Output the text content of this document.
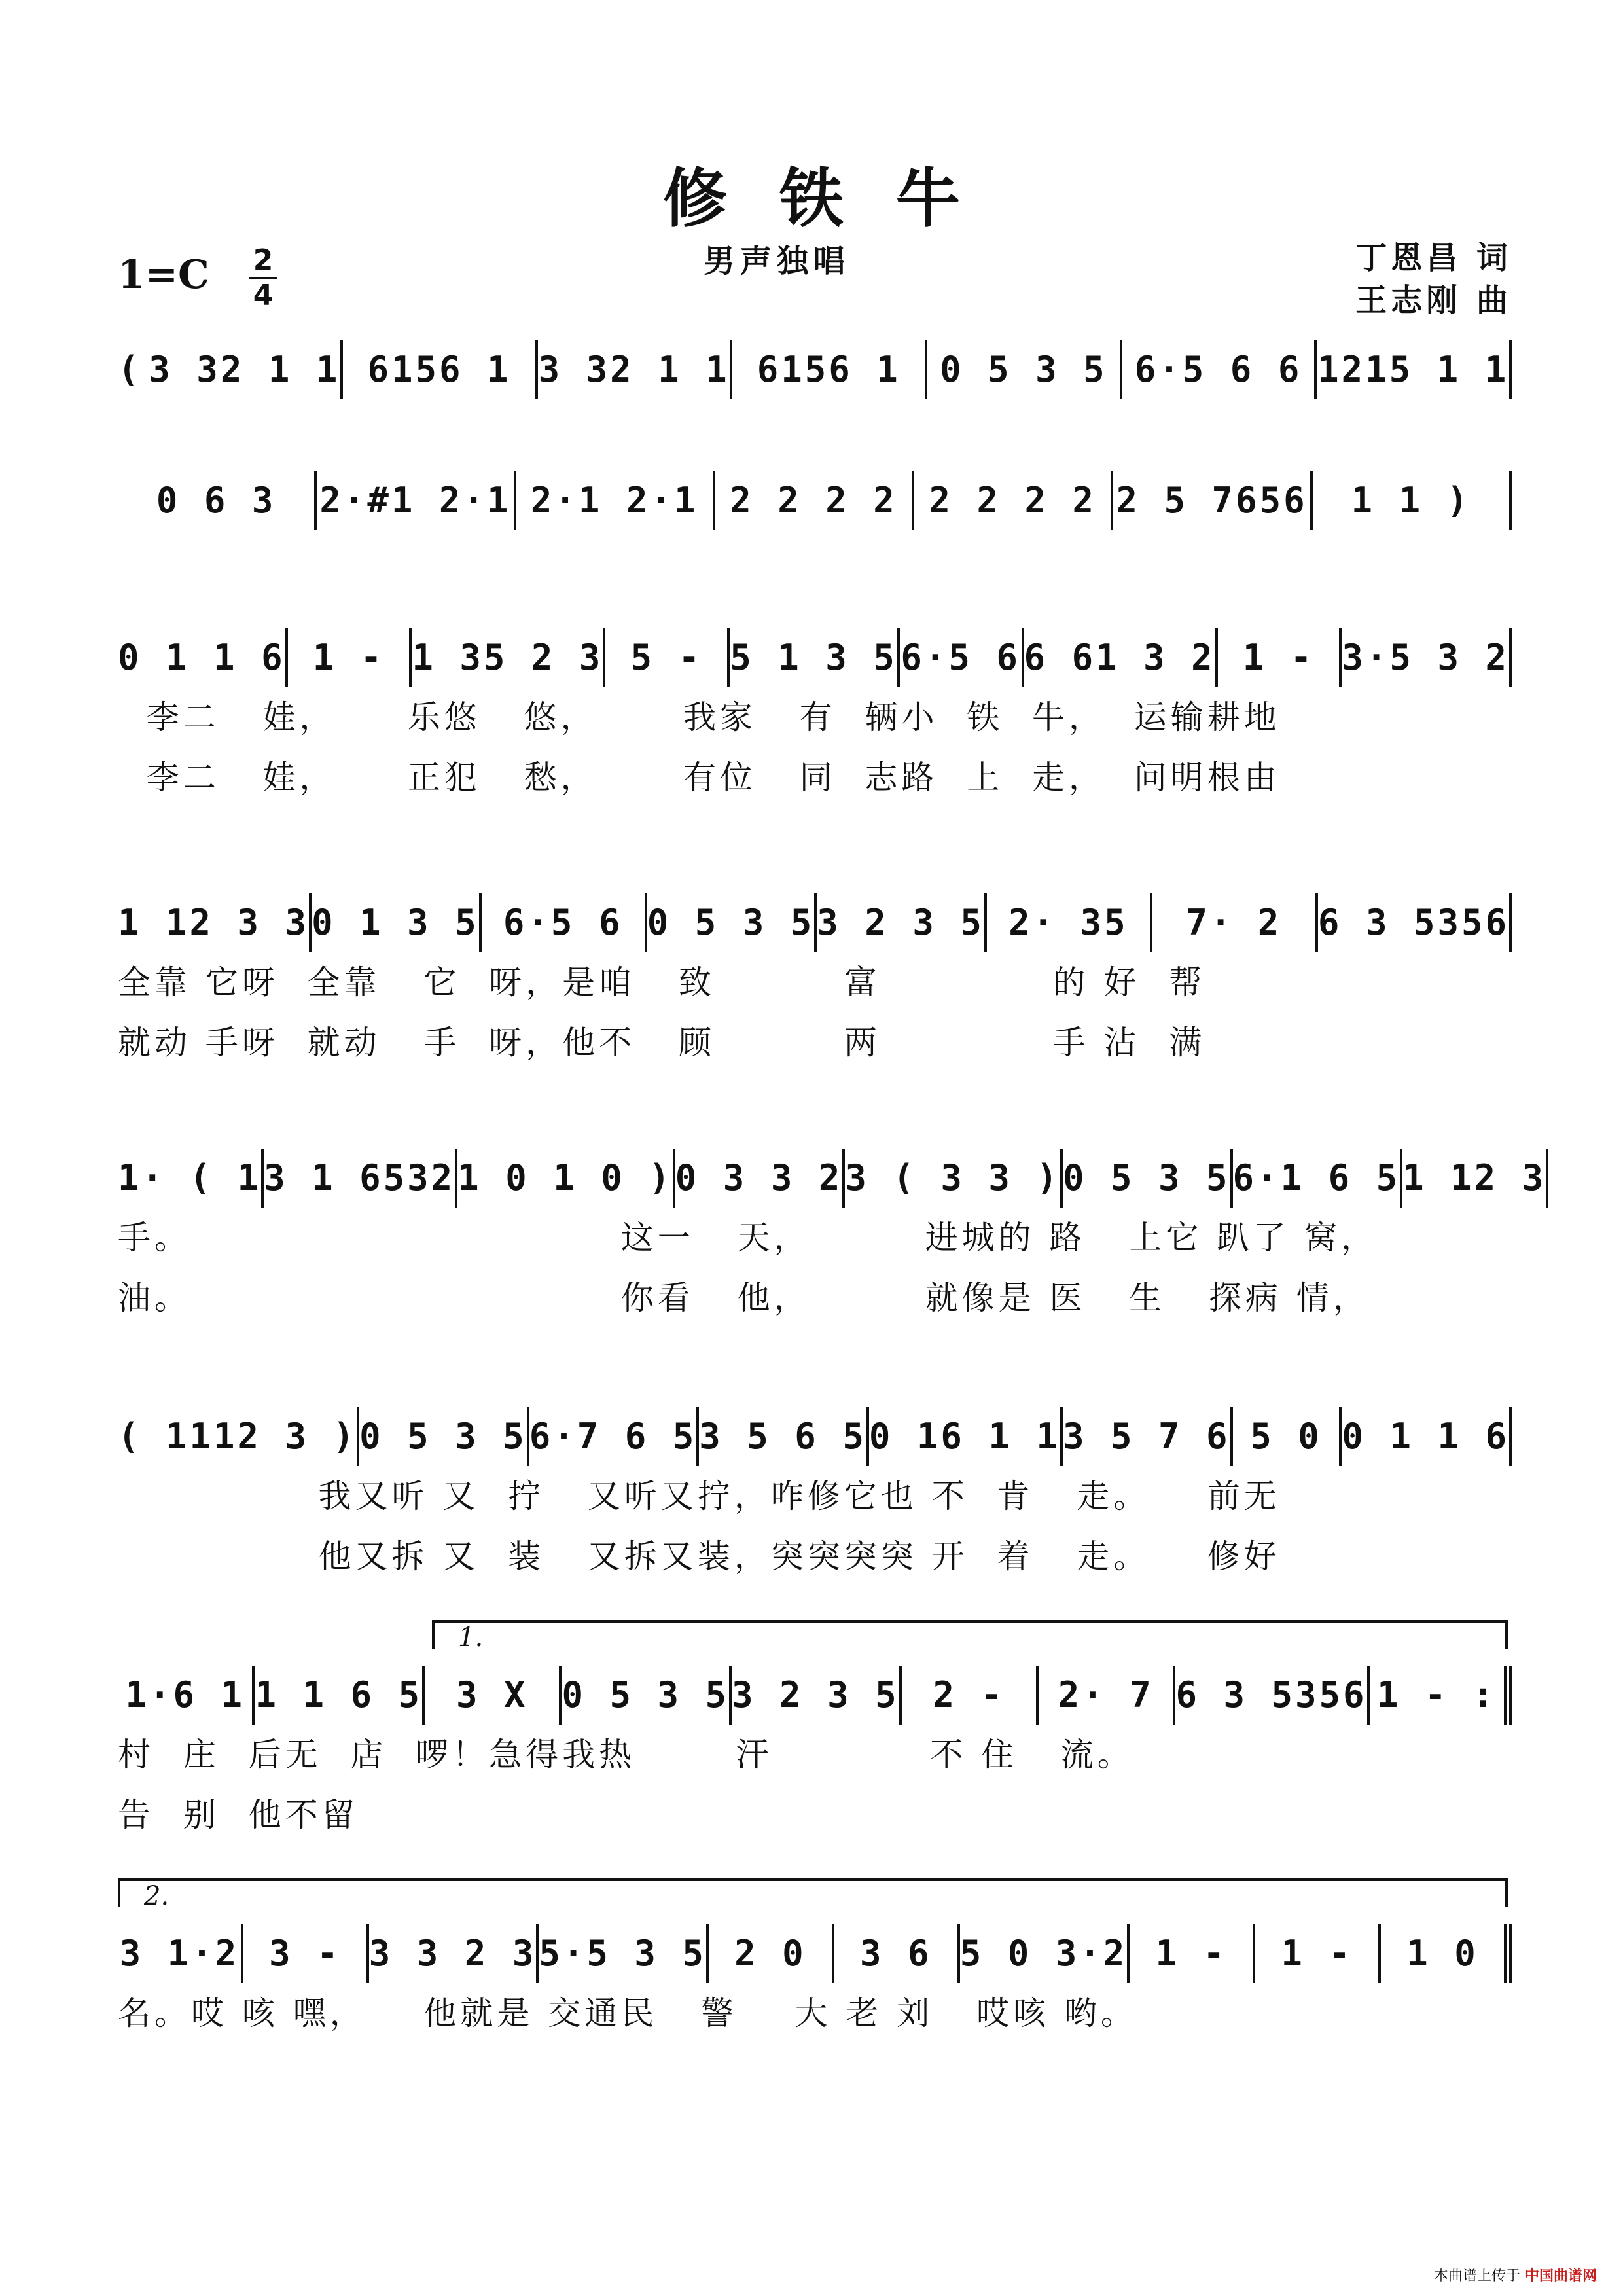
修铁牛
男声独唱
1=C 2
4
丁恩昌 词
王志刚 曲
( 3 32 1 1 6156 1 3 32 1 1 6156 1	0 5 3 5 6·5 6 6 1215 1 1
0 6 3	2·#1 2·1 2·1 2·1 2 2 2 2 2 2 2 2 2 5 7656	1 1 )
0 1 1 6 1 - 1 35 2 3 5 - 5 1 3 5 6·5 6 6 61 3 2 1 - 3·5 3 2
李二   娃，     乐悠   悠，      我家   有  辆小  铁  牛，  运输耕地
李二   娃，     正犯   愁，      有位   同  志路  上  走，  问明根由
1 12 3 3 0 1 3 5 6·5 6 0 5 3 5 3 2 3 5 2· 35	7· 2	6 3 5356
全靠 它呀  全靠   它  呀，是咱   致         富            的 好  帮
就动 手呀  就动   手  呀，他不   顾         两            手 沾  满
1· ( 1 3 1 6532 1 0 1 0 ) 0 3 3 2 3 ( 3 3 ) 0 5 3 5 6·1 6 5 1 12 3
手。                              这一   天，        进城的 路   上它 趴了 窝，
油。                              你看   他，        就像是 医   生   探病 情，
( 1112 3 ) 0 5 3 5 6·7 6 5 3 5 6 5 0 16 1 1 3 5 7 6 5 0 0 1 1 6
我又听 又  拧   又听又拧，咋修它也 不  肯   走。    前无
他又拆 又  装   又拆又装，突突突突 开  着   走。    修好
1·6 1 1 1 6 5 3 X 0 5 3 5 3 2 3 5 2 -	2· 7 6 3 5356 1 - :
村  庄  后无  店  啰！急得我热       汗           不 住   流。
告  别  他不留
1.
3 1·2 3 - 3 3 2 3 5·5 3 5 2 0	3 6 5 0 3·2 1 -	1 -	1 0
名。哎 咳 嘿，    他就是 交通民   警    大 老 刘   哎咳 哟。
2.
本曲谱上传于 中国曲谱网
